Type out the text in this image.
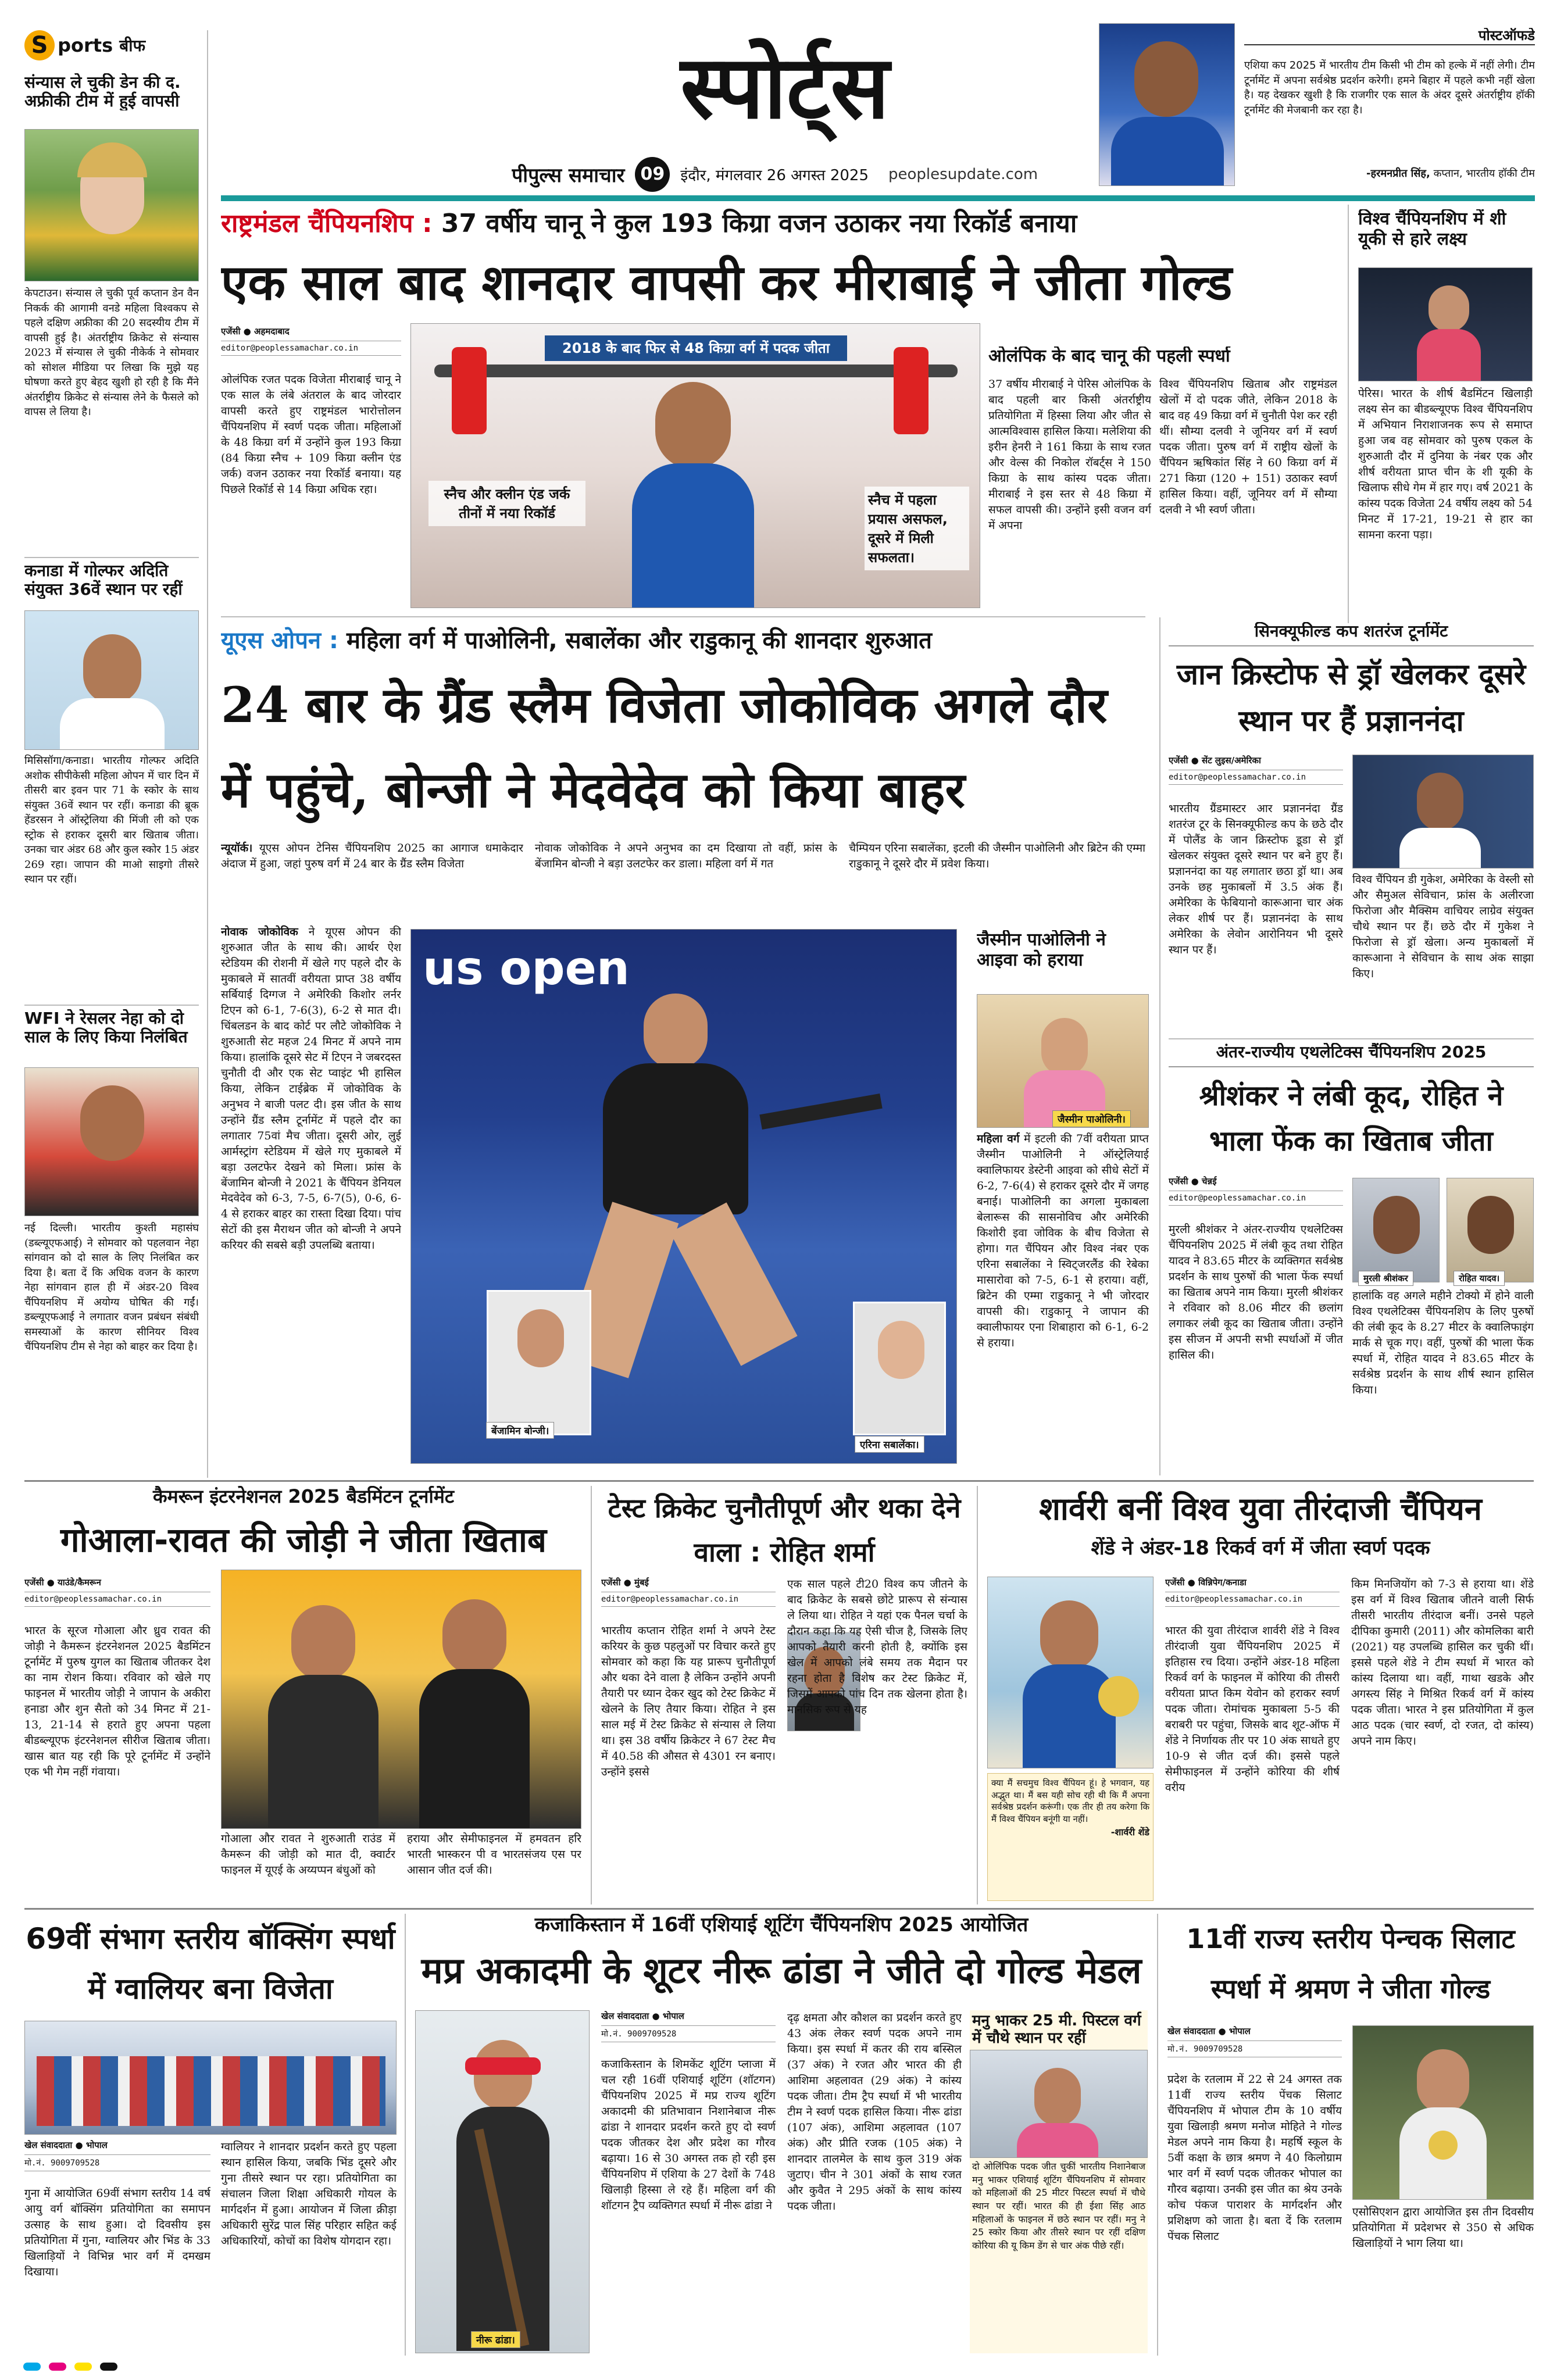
S ports बीफ	स्पोर्ट्स
पीपुल्स समाचार 09	इंदौर, मंगलवार 26 अगस्त 2025 peoplesupdate.com
पोस्टऑफडे
एशिया कप 2025 में भारतीय टीम किसी भी टीम को हल्के में नहीं लेगी। टीम टूर्नामेंट में अपना सर्वश्रेष्ठ प्रदर्शन करेगी। हमने बिहार में पहले कभी नहीं खेला है। यह देखकर खुशी है कि राजगीर एक साल के अंदर दूसरे अंतर्राष्ट्रीय हॉकी टूर्नामेंट की मेजबानी कर रहा है।
-हरमनप्रीत सिंह, कप्तान, भारतीय हॉकी टीम
संन्यास ले चुकी डेन की द. अफ्रीकी टीम में हुई वापसी
केपटाउन। संन्यास ले चुकी पूर्व कप्तान डेन वैन निकर्क की आगामी वनडे महिला विश्वकप से पहले दक्षिण अफ्रीका की 20 सदस्यीय टीम में वापसी हुई है। अंतर्राष्ट्रीय क्रिकेट से संन्यास 2023 में संन्यास ले चुकी नीकेर्क ने सोमवार को सोशल मीडिया पर लिखा कि मुझे यह घोषणा करते हुए बेहद खुशी हो रही है कि मैंने अंतर्राष्ट्रीय क्रिकेट से संन्यास लेने के फैसले को वापस ले लिया है।
कनाडा में गोल्फर अदिति संयुक्त 36वें स्थान पर रहीं
मिसिसॉगा/कनाडा। भारतीय गोल्फर अदिति अशोक सीपीकेसी महिला ओपन में चार दिन में तीसरी बार इवन पार 71 के स्कोर के साथ संयुक्त 36वें स्थान पर रहीं। कनाडा की ब्रूक हेंडरसन ने ऑस्ट्रेलिया की मिंजी ली को एक स्ट्रोक से हराकर दूसरी बार खिताब जीता। उनका चार अंडर 68 और कुल स्कोर 15 अंडर 269 रहा। जापान की माओ साइगो तीसरे स्थान पर रहीं।
WFI ने रेसलर नेहा को दो साल के लिए किया निलंबित
नई दिल्ली। भारतीय कुश्ती महासंघ (डब्ल्यूएफआई) ने सोमवार को पहलवान नेहा सांगवान को दो साल के लिए निलंबित कर दिया है। बता दें कि अधिक वजन के कारण नेहा सांगवान हाल ही में अंडर-20 विश्व चैंपियनशिप में अयोग्य घोषित की गईं। डब्ल्यूएफआई ने लगातार वजन प्रबंधन संबंधी समस्याओं के कारण सीनियर विश्व चैंपियनशिप टीम से नेहा को बाहर कर दिया है।
राष्ट्रमंडल चैंपियनशिप : 37 वर्षीय चानू ने कुल 193 किग्रा वजन उठाकर नया रिकॉर्ड बनाया
एक साल बाद शानदार वापसी कर मीराबाई ने जीता गोल्ड
एजेंसी ● अहमदाबाद
editor@peoplessamachar.co.in
ओलंपिक रजत पदक विजेता मीराबाई चानू ने एक साल के लंबे अंतराल के बाद जोरदार वापसी करते हुए राष्ट्रमंडल भारोत्तोलन चैंपियनशिप में स्वर्ण पदक जीता। महिलाओं के 48 किग्रा वर्ग में उन्होंने कुल 193 किग्रा (84 किग्रा स्नैच + 109 किग्रा क्लीन एंड जर्क) वजन उठाकर नया रिकॉर्ड बनाया। यह पिछले रिकॉर्ड से 14 किग्रा अधिक रहा।
2018 के बाद फिर से 48 किग्रा वर्ग में पदक जीता
स्नैच और क्लीन एंड जर्क तीनों में नया रिकॉर्ड
स्नैच में पहला प्रयास असफल, दूसरे में मिली सफलता।
ओलंपिक के बाद चानू की पहली स्पर्धा
37 वर्षीय मीराबाई ने पेरिस ओलंपिक के बाद पहली बार किसी अंतर्राष्ट्रीय प्रतियोगिता में हिस्सा लिया और जीत से आत्मविश्वास हासिल किया। मलेशिया की इरीन हेनरी ने 161 किग्रा के साथ रजत और वेल्स की निकोल रॉबर्ट्स ने 150 किग्रा के साथ कांस्य पदक जीता। मीराबाई ने इस स्तर से 48 किग्रा में सफल वापसी की। उन्होंने इसी वजन वर्ग में अपना
विश्व चैंपियनशिप खिताब और राष्ट्रमंडल खेलों में दो पदक जीते, लेकिन 2018 के बाद वह 49 किग्रा वर्ग में चुनौती पेश कर रही थीं। सौम्या दलवी ने जूनियर वर्ग में स्वर्ण पदक जीता। पुरुष वर्ग में राष्ट्रीय खेलों के चैंपियन ऋषिकांत सिंह ने 60 किग्रा वर्ग में 271 किग्रा (120 + 151) उठाकर स्वर्ण हासिल किया। वहीं, जूनियर वर्ग में सौम्या दलवी ने भी स्वर्ण जीता।
विश्व चैंपियनशिप में शी यूकी से हारे लक्ष्य
पेरिस। भारत के शीर्ष बैडमिंटन खिलाड़ी लक्ष्य सेन का बीडब्ल्यूएफ विश्व चैंपियनशिप में अभियान निराशाजनक रूप से समाप्त हुआ जब वह सोमवार को पुरुष एकल के शुरुआती दौर में दुनिया के नंबर एक और शीर्ष वरीयता प्राप्त चीन के शी यूकी के खिलाफ सीधे गेम में हार गए। वर्ष 2021 के कांस्य पदक विजेता 24 वर्षीय लक्ष्य को 54 मिनट में 17-21, 19-21 से हार का सामना करना पड़ा।
यूएस ओपन : महिला वर्ग में पाओलिनी, सबालेंका और राडुकानू की शानदार शुरुआत
24 बार के ग्रैंड स्लैम विजेता जोकोविक अगले दौर में पहुंचे, बोन्जी ने मेदवेदेव को किया बाहर
न्यूयॉर्क। यूएस ओपन टेनिस चैंपियनशिप 2025 का आगाज धमाकेदार अंदाज में हुआ, जहां पुरुष वर्ग में 24 बार के ग्रैंड स्लैम विजेता
नोवाक जोकोविक ने अपने अनुभव का दम दिखाया तो वहीं, फ्रांस के बेंजामिन बोन्जी ने बड़ा उलटफेर कर डाला। महिला वर्ग में गत
चैम्पियन एरिना सबालेंका, इटली की जैस्मीन पाओलिनी और ब्रिटेन की एम्मा राडुकानू ने दूसरे दौर में प्रवेश किया।
नोवाक जोकोविक ने यूएस ओपन की शुरुआत जीत के साथ की। आर्थर ऐश स्टेडियम की रोशनी में खेले गए पहले दौर के मुकाबले में सातवीं वरीयता प्राप्त 38 वर्षीय सर्बियाई दिग्गज ने अमेरिकी किशोर लर्नर टिएन को 6-1, 7-6(3), 6-2 से मात दी। चिंबलडन के बाद कोर्ट पर लौटे जोकोविक ने शुरुआती सेट महज 24 मिनट में अपने नाम किया। हालांकि दूसरे सेट में टिएन ने जबरदस्त चुनौती दी और एक सेट प्वाइंट भी हासिल किया, लेकिन टाईब्रेक में जोकोविक के अनुभव ने बाजी पलट दी। इस जीत के साथ उन्होंने ग्रैंड स्लैम टूर्नामेंट में पहले दौर का लगातार 75वां मैच जीता। दूसरी ओर, लुई आर्मस्ट्रांग स्टेडियम में खेले गए मुकाबले में बड़ा उलटफेर देखने को मिला। फ्रांस के बेंजामिन बोन्जी ने 2021 के चैंपियन डेनियल मेदवेदेव को 6-3, 7-5, 6-7(5), 0-6, 6-4 से हराकर बाहर का रास्ता दिखा दिया। पांच सेटों की इस मैराथन जीत को बोन्जी ने अपने करियर की सबसे बड़ी उपलब्धि बताया।
us open
बेंजामिन बोन्जी।
एरिना सबालेंका।
जैस्मीन पाओलिनी ने आइवा को हराया
जैस्मीन पाओलिनी।
महिला वर्ग में इटली की 7वीं वरीयता प्राप्त जैस्मीन पाओलिनी ने ऑस्ट्रेलियाई क्वालिफायर डेस्टेनी आइवा को सीधे सेटों में 6-2, 7-6(4) से हराकर दूसरे दौर में जगह बनाई। पाओलिनी का अगला मुकाबला बेलारूस की सासनोविच और अमेरिकी किशोरी इवा जोविक के बीच विजेता से होगा। गत चैंपियन और विश्व नंबर एक एरिना सबालेंका ने स्विट्जरलैंड की रेबेका मासारोवा को 7-5, 6-1 से हराया। वहीं, ब्रिटेन की एम्मा राडुकानू ने भी जोरदार वापसी की। राडुकानू ने जापान की क्वालीफायर एना शिबाहारा को 6-1, 6-2 से हराया।
सिनक्यूफील्ड कप शतरंज टूर्नामेंट
जान क्रिस्टोफ से ड्रॉ खेलकर दूसरे स्थान पर हैं प्रज्ञाननंदा
एजेंसी ● सेंट लुइस/अमेरिका
editor@peoplessamachar.co.in
भारतीय ग्रैंडमास्टर आर प्रज्ञाननंदा ग्रैंड शतरंज टूर के सिनक्यूफील्ड कप के छठे दौर में पोलैंड के जान क्रिस्टोफ डूडा से ड्रॉ खेलकर संयुक्त दूसरे स्थान पर बने हुए हैं। प्रज्ञाननंदा का यह लगातार छठा ड्रॉ था। अब उनके छह मुकाबलों में 3.5 अंक हैं। अमेरिका के फेबियानो कारूआना चार अंक लेकर शीर्ष पर हैं। प्रज्ञाननंदा के साथ अमेरिका के लेवोन आरोनियन भी दूसरे स्थान पर हैं।
विश्व चैंपियन डी गुकेश, अमेरिका के वेस्ली सो और सैमुअल सेविचान, फ्रांस के अलीरजा फिरोजा और मैक्सिम वाचियर लाग्रेव संयुक्त चौथे स्थान पर हैं। छठे दौर में गुकेश ने फिरोजा से ड्रॉ खेला। अन्य मुकाबलों में कारूआना ने सेविचान के साथ अंक साझा किए।
अंतर-राज्यीय एथलेटिक्स चैंपियनशिप 2025
श्रीशंकर ने लंबी कूद, रोहित ने भाला फेंक का खिताब जीता
एजेंसी ● चेन्नई
editor@peoplessamachar.co.in
मुरली श्रीशंकर	रोहित यादव।
मुरली श्रीशंकर ने अंतर-राज्यीय एथलेटिक्स चैंपियनशिप 2025 में लंबी कूद तथा रोहित यादव ने 83.65 मीटर के व्यक्तिगत सर्वश्रेष्ठ प्रदर्शन के साथ पुरुषों की भाला फेंक स्पर्धा का खिताब अपने नाम किया। मुरली श्रीशंकर ने रविवार को 8.06 मीटर की छलांग लगाकर लंबी कूद का खिताब जीता। उन्होंने इस सीजन में अपनी सभी स्पर्धाओं में जीत हासिल की।
हालांकि वह अगले महीने टोक्यो में होने वाली विश्व एथलेटिक्स चैंपियनशिप के लिए पुरुषों की लंबी कूद के 8.27 मीटर के क्वालिफाइंग मार्क से चूक गए। वहीं, पुरुषों की भाला फेंक स्पर्धा में, रोहित यादव ने 83.65 मीटर के सर्वश्रेष्ठ प्रदर्शन के साथ शीर्ष स्थान हासिल किया।
कैमरून इंटरनेशनल 2025 बैडमिंटन टूर्नामेंट
गोआला-रावत की जोड़ी ने जीता खिताब
एजेंसी ● याउंडे/कैमरून
editor@peoplessamachar.co.in
भारत के सूरज गोआला और ध्रुव रावत की जोड़ी ने कैमरून इंटरनेशनल 2025 बैडमिंटन टूर्नामेंट में पुरुष युगल का खिताब जीतकर देश का नाम रोशन किया। रविवार को खेले गए फाइनल में भारतीय जोड़ी ने जापान के अकीरा हनाडा और शुन सैतो को 34 मिनट में 21-13, 21-14 से हराते हुए अपना पहला बीडब्ल्यूएफ इंटरनेशनल सीरीज खिताब जीता। खास बात यह रही कि पूरे टूर्नामेंट में उन्होंने एक भी गेम नहीं गंवाया।
गोआला और रावत ने शुरुआती राउंड में कैमरून की जोड़ी को मात दी, क्वार्टर फाइनल में यूएई के अय्यप्पन बंधुओं को
हराया और सेमीफाइनल में हमवतन हरि भारती भास्करन पी व भारतसंजय एस पर आसान जीत दर्ज की।
टेस्ट क्रिकेट चुनौतीपूर्ण और थका देने वाला : रोहित शर्मा
एजेंसी ● मुंबई
editor@peoplessamachar.co.in
भारतीय कप्तान रोहित शर्मा ने अपने टेस्ट करियर के कुछ पहलुओं पर विचार करते हुए सोमवार को कहा कि यह प्रारूप चुनौतीपूर्ण और थका देने वाला है लेकिन उन्होंने अपनी तैयारी पर ध्यान देकर खुद को टेस्ट क्रिकेट में खेलने के लिए तैयार किया। रोहित ने इस साल मई में टेस्ट क्रिकेट से संन्यास ले लिया था। इस 38 वर्षीय क्रिकेटर ने 67 टेस्ट मैच में 40.58 की औसत से 4301 रन बनाए। उन्होंने इससे
एक साल पहले टी20 विश्व कप जीतने के बाद क्रिकेट के सबसे छोटे प्रारूप से संन्यास ले लिया था। रोहित ने यहां एक पैनल चर्चा के दौरान कहा कि यह ऐसी चीज है, जिसके लिए आपको तैयारी करनी होती है, क्योंकि इस खेल में आपको लंबे समय तक मैदान पर रहना होता है विशेष कर टेस्ट क्रिकेट में, जिसमें आपको पांच दिन तक खेलना होता है। मानसिक रूप से यह
शार्वरी बनीं विश्व युवा तीरंदाजी चैंपियन
शेंडे ने अंडर-18 रिकर्व वर्ग में जीता स्वर्ण पदक
क्या मैं सचमुच विश्व चैंपियन हूं। हे भगवान, यह अद्भुत था। मैं बस यही सोच रही थी कि मैं अपना सर्वश्रेष्ठ प्रदर्शन करूंगी। एक तीर ही तय करेगा कि मैं विश्व चैंपियन बनूंगी या नहीं।
-शार्वरी शेंडे
एजेंसी ● विन्निपेग/कनाडा
editor@peoplessamachar.co.in
भारत की युवा तीरंदाज शार्वरी शेंडे ने विश्व तीरंदाजी युवा चैंपियनशिप 2025 में इतिहास रच दिया। उन्होंने अंडर-18 महिला रिकर्व वर्ग के फाइनल में कोरिया की तीसरी वरीयता प्राप्त किम येवोन को हराकर स्वर्ण पदक जीता। रोमांचक मुकाबला 5-5 की बराबरी पर पहुंचा, जिसके बाद शूट-ऑफ में शेंडे ने निर्णायक तीर पर 10 अंक साधते हुए 10-9 से जीत दर्ज की। इससे पहले सेमीफाइनल में उन्होंने कोरिया की शीर्ष वरीय
किम मिनजियोंग को 7-3 से हराया था। शेंडे इस वर्ग में विश्व खिताब जीतने वाली सिर्फ तीसरी भारतीय तीरंदाज बनीं। उनसे पहले दीपिका कुमारी (2011) और कोमलिका बारी (2021) यह उपलब्धि हासिल कर चुकी थीं। इससे पहले शेंडे ने टीम स्पर्धा में भारत को कांस्य दिलाया था। वहीं, गाथा खडके और अगस्त्य सिंह ने मिश्रित रिकर्व वर्ग में कांस्य पदक जीता। भारत ने इस प्रतियोगिता में कुल आठ पदक (चार स्वर्ण, दो रजत, दो कांस्य) अपने नाम किए।
69वीं संभाग स्तरीय बॉक्सिंग स्पर्धा में ग्वालियर बना विजेता
खेल संवाददाता ● भोपाल
मो.नं. 9009709528
गुना में आयोजित 69वीं संभाग स्तरीय 14 वर्ष आयु वर्ग बॉक्सिंग प्रतियोगिता का समापन उत्साह के साथ हुआ। दो दिवसीय इस प्रतियोगिता में गुना, ग्वालियर और भिंड के 33 खिलाड़ियों ने विभिन्न भार वर्ग में दमखम दिखाया।
ग्वालियर ने शानदार प्रदर्शन करते हुए पहला स्थान हासिल किया, जबकि भिंड दूसरे और गुना तीसरे स्थान पर रहा। प्रतियोगिता का संचालन जिला शिक्षा अधिकारी गोयल के मार्गदर्शन में हुआ। आयोजन में जिला क्रीड़ा अधिकारी सुरेंद्र पाल सिंह परिहार सहित कई अधिकारियों, कोचों का विशेष योगदान रहा।
कजाकिस्तान में 16वीं एशियाई शूटिंग चैंपियनशिप 2025 आयोजित
मप्र अकादमी के शूटर नीरू ढांडा ने जीते दो गोल्ड मेडल
नीरू ढांडा।
खेल संवाददाता ● भोपाल
मो.नं. 9009709528
कजाकिस्तान के शिमकेंट शूटिंग प्लाजा में चल रही 16वीं एशियाई शूटिंग (शॉटगन) चैंपियनशिप 2025 में मप्र राज्य शूटिंग अकादमी की प्रतिभावान निशानेबाज नीरू ढांडा ने शानदार प्रदर्शन करते हुए दो स्वर्ण पदक जीतकर देश और प्रदेश का गौरव बढ़ाया। 16 से 30 अगस्त तक हो रही इस चैंपियनशिप में एशिया के 27 देशों के 748 खिलाड़ी हिस्सा ले रहे हैं। महिला वर्ग की शॉटगन ट्रैप व्यक्तिगत स्पर्धा में नीरू ढांडा ने
दृढ़ क्षमता और कौशल का प्रदर्शन करते हुए 43 अंक लेकर स्वर्ण पदक अपने नाम किया। इस स्पर्धा में कतर की राय बस्सिल (37 अंक) ने रजत और भारत की ही आशिमा अहलावत (29 अंक) ने कांस्य पदक जीता। टीम ट्रैप स्पर्धा में भी भारतीय टीम ने स्वर्ण पदक हासिल किया। नीरू ढांडा (107 अंक), आशिमा अहलावत (107 अंक) और प्रीति रजक (105 अंक) ने शानदार तालमेल के साथ कुल 319 अंक जुटाए। चीन ने 301 अंकों के साथ रजत और कुवैत ने 295 अंकों के साथ कांस्य पदक जीता।
मनु भाकर 25 मी. पिस्टल वर्ग में चौथे स्थान पर रहीं
दो ओलिंपिक पदक जीत चुकीं भारतीय निशानेबाज मनु भाकर एशियाई शूटिंग चैंपियनशिप में सोमवार को महिलाओं की 25 मीटर पिस्टल स्पर्धा में चौथे स्थान पर रहीं। भारत की ही ईशा सिंह आठ महिलाओं के फाइनल में छठे स्थान पर रहीं। मनु ने 25 स्कोर किया और तीसरे स्थान पर रहीं दक्षिण कोरिया की यू किम डेंग से चार अंक पीछे रहीं।
11वीं राज्य स्तरीय पेन्चक सिलाट स्पर्धा में श्रमण ने जीता गोल्ड
खेल संवाददाता ● भोपाल
मो.नं. 9009709528
प्रदेश के रतलाम में 22 से 24 अगस्त तक 11वीं राज्य स्तरीय पेंचक सिलाट चैंपियनशिप में भोपाल टीम के 10 वर्षीय युवा खिलाड़ी श्रमण मनोज मोहिते ने गोल्ड मेडल अपने नाम किया है। महर्षि स्कूल के 5वीं कक्षा के छात्र श्रमण ने 40 किलोग्राम भार वर्ग में स्वर्ण पदक जीतकर भोपाल का गौरव बढ़ाया। उनकी इस जीत का श्रेय उनके कोच पंकज पाराशर के मार्गदर्शन और प्रशिक्षण को जाता है। बता दें कि रतलाम पेंचक सिलाट
एसोसिएशन द्वारा आयोजित इस तीन दिवसीय प्रतियोगिता में प्रदेशभर से 350 से अधिक खिलाड़ियों ने भाग लिया था।
